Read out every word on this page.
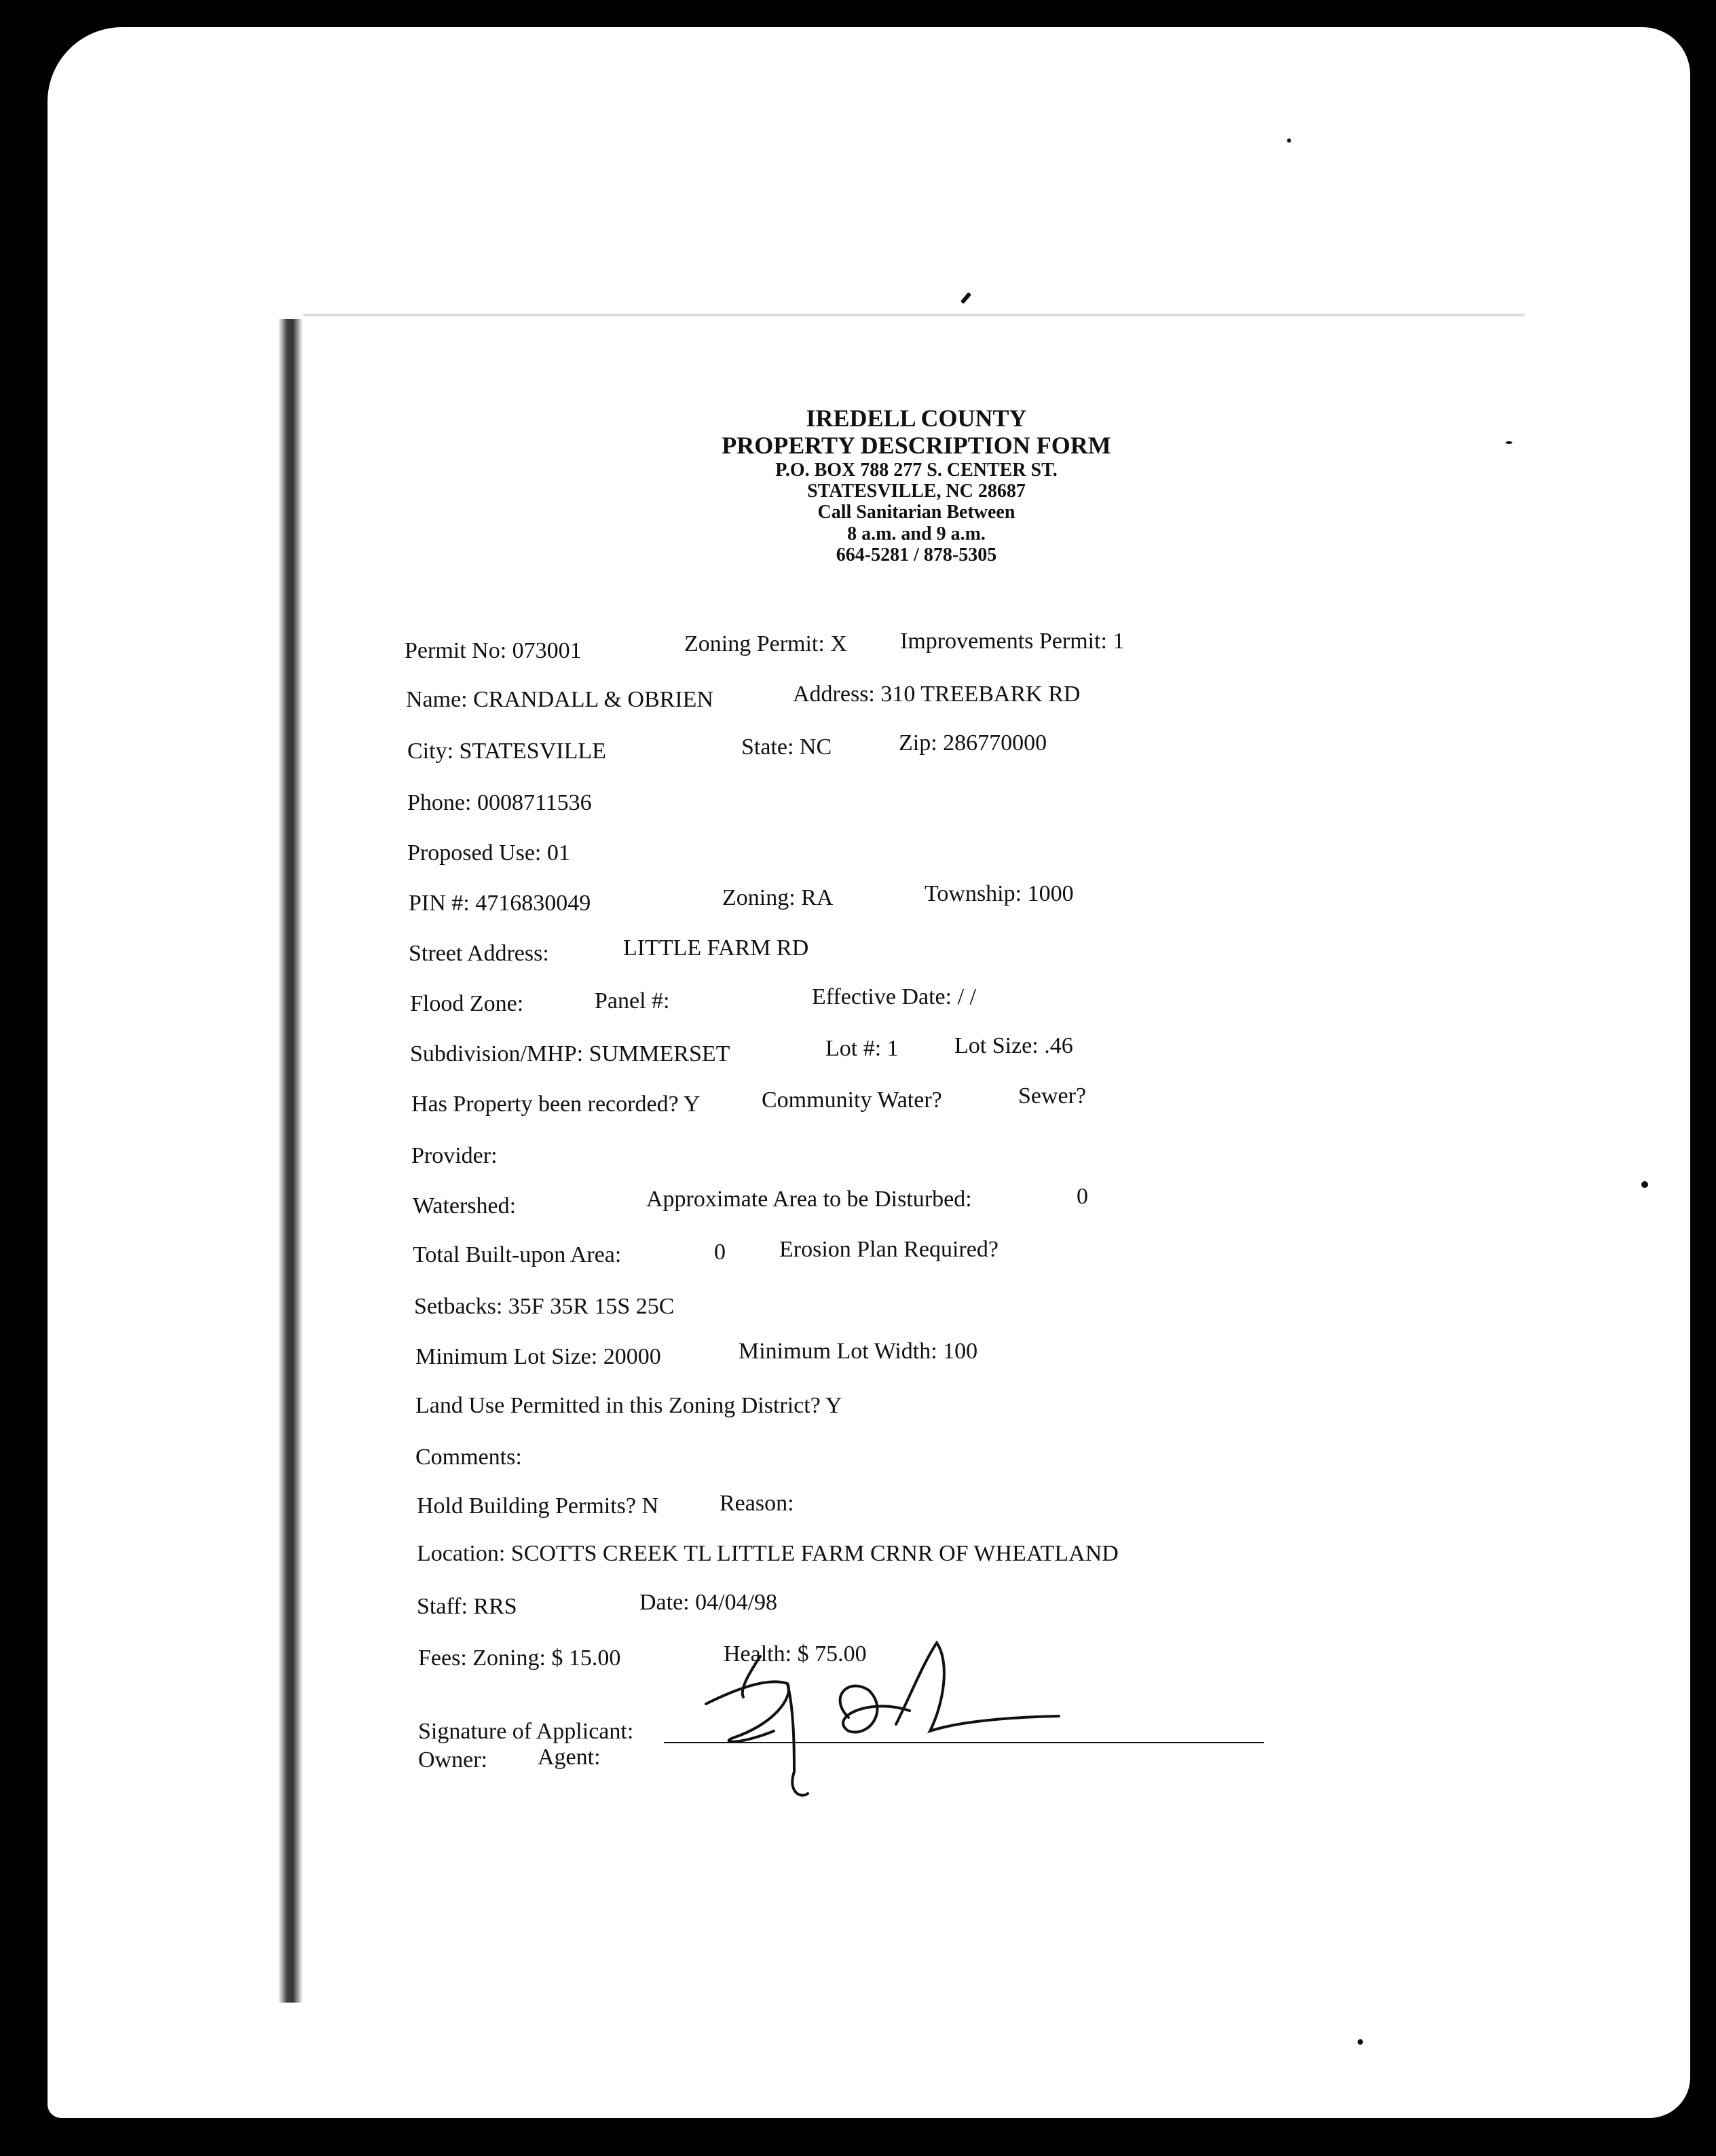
IREDELL COUNTY
PROPERTY DESCRIPTION FORM
P.O. BOX 788 277 S. CENTER ST.
STATESVILLE, NC 28687
Call Sanitarian Between
8 a.m. and 9 a.m.
664-5281 / 878-5305
Permit No: 073001	Zoning Permit: X Improvements Permit: 1
Name: CRANDALL & OBRIEN	Address: 310 TREEBARK RD
City: STATESVILLE	State: NC	Zip: 286770000
Phone: 0008711536
Proposed Use: 01
PIN #: 4716830049	Zoning: RA	Township: 1000
Street Address:	LITTLE FARM RD
Flood Zone:	Panel #:	Effective Date: / /
Subdivision/MHP: SUMMERSET	Lot #: 1 Lot Size: .46
Has Property been recorded? Y	Community Water?	Sewer?
Provider:
Watershed:	Approximate Area to be Disturbed:	0
Total Built-upon Area:	0 Erosion Plan Required?
Setbacks: 35F 35R 15S 25C
Minimum Lot Size: 20000	Minimum Lot Width: 100
Land Use Permitted in this Zoning District? Y
Comments:
Hold Building Permits? N	Reason:
Location: SCOTTS CREEK TL LITTLE FARM CRNR OF WHEATLAND
Staff: RRS	Date: 04/04/98
Fees: Zoning: $ 15.00	Health: $ 75.00
Signature of Applicant:
Owner: Agent:
